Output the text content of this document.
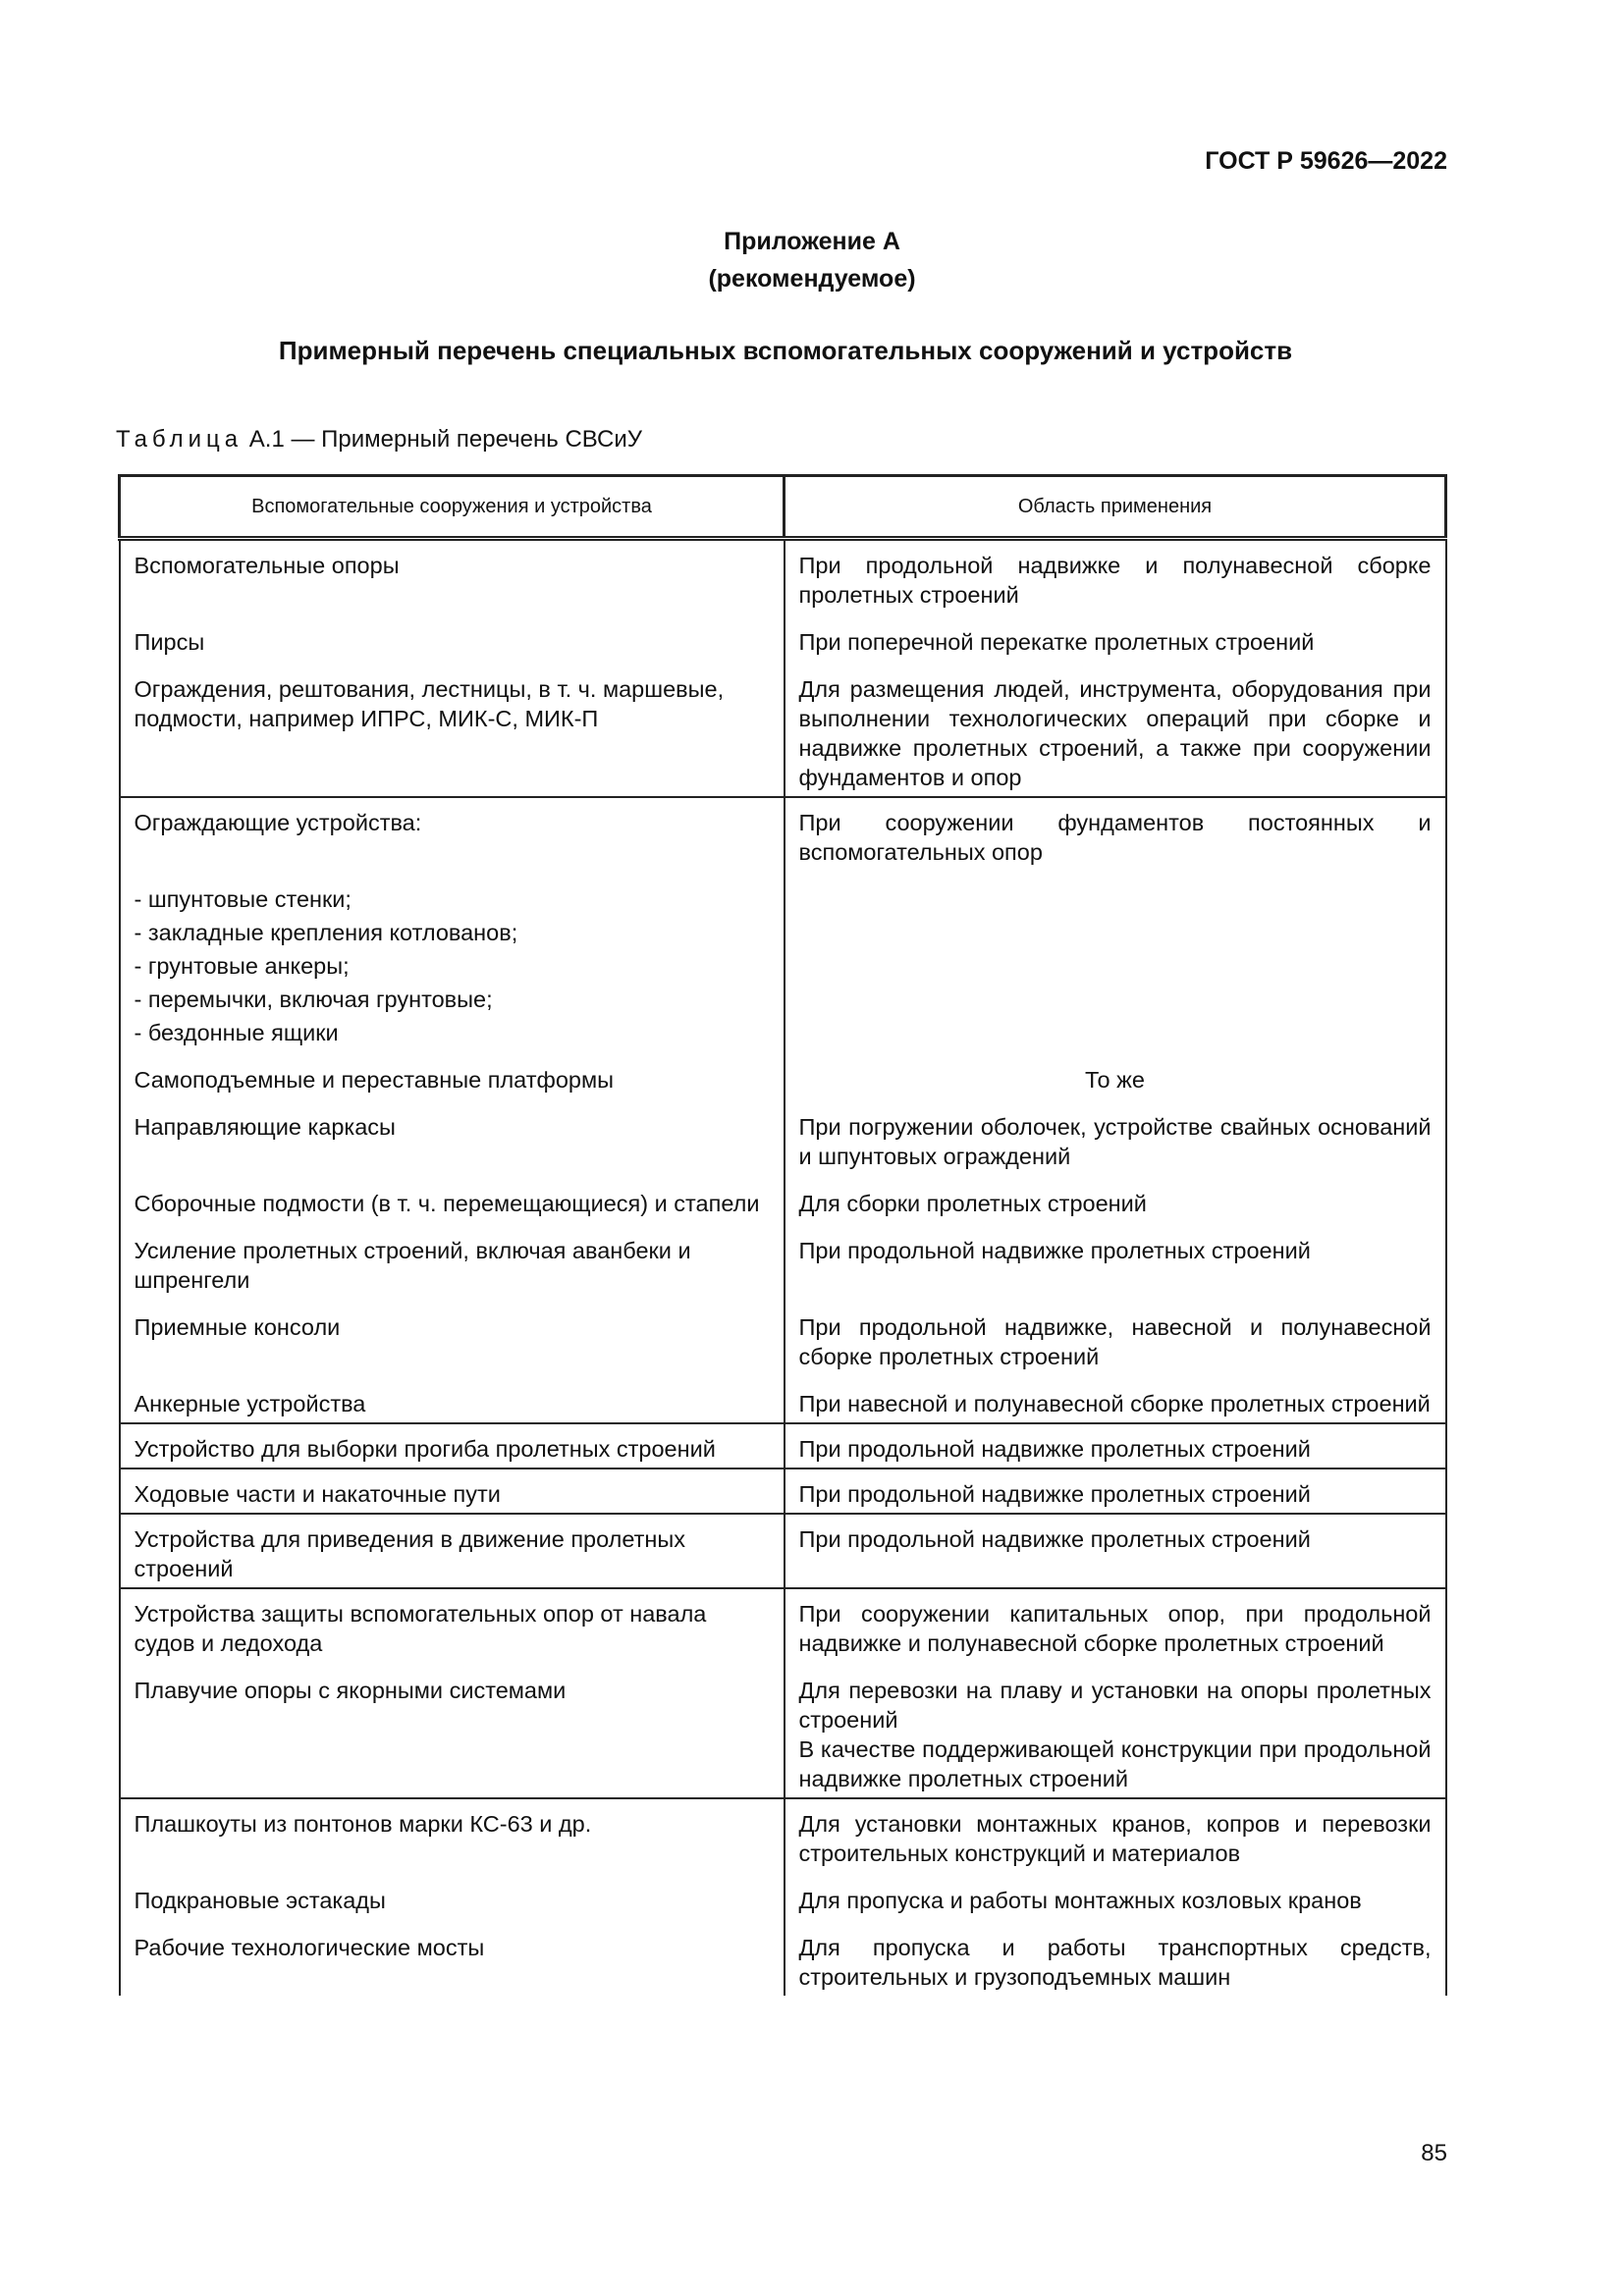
ГОСТ Р 59626—2022
Приложение А
(рекомендуемое)
Примерный перечень специальных вспомогательных сооружений и устройств
Таблица А.1 — Примерный перечень СВСиУ
Вспомогательные сооружения и устройства	Область применения
Вспомогательные опоры	При продольной надвижке и полунавесной сборке пролетных строений
Пирсы	При поперечной перекатке пролетных строений
Ограждения, рештования, лестницы, в т. ч. маршевые, подмости, например ИПРС, МИК-С, МИК-П	Для размещения людей, инструмента, оборудования при выполнении технологических операций при сборке и надвижке пролетных строений, а также при сооружении фундаментов и опор
Ограждающие устройства:	При сооружении фундаментов постоянных и вспомогательных опор
- шпунтовые стенки;	
- закладные крепления котлованов;	
- грунтовые анкеры;	
- перемычки, включая грунтовые;	
- бездонные ящики	
Самоподъемные и переставные платформы	То же
Направляющие каркасы	При погружении оболочек, устройстве свайных оснований и шпунтовых ограждений
Сборочные подмости (в т. ч. перемещающиеся) и стапели	Для сборки пролетных строений
Усиление пролетных строений, включая аванбеки и шпренгели	При продольной надвижке пролетных строений
Приемные консоли	При продольной надвижке, навесной и полунавесной сборке пролетных строений
Анкерные устройства	При навесной и полунавесной сборке пролетных строений
Устройство для выборки прогиба пролетных строений	При продольной надвижке пролетных строений
Ходовые части и накаточные пути	При продольной надвижке пролетных строений
Устройства для приведения в движение пролетных строений	При продольной надвижке пролетных строений
Устройства защиты вспомогательных опор от навала судов и ледохода	При сооружении капитальных опор, при продольной надвижке и полунавесной сборке пролетных строений
Плавучие опоры с якорными системами	Для перевозки на плаву и установки на опоры пролетных строений
В качестве поддерживающей конструкции при продольной надвижке пролетных строений

Плашкоуты из понтонов марки КС-63 и др.	Для установки монтажных кранов, копров и перевозки строительных конструкций и материалов
Подкрановые эстакады	Для пропуска и работы монтажных козловых кранов
Рабочие технологические мосты	Для пропуска и работы транспортных средств, строительных и грузоподъемных машин
85
